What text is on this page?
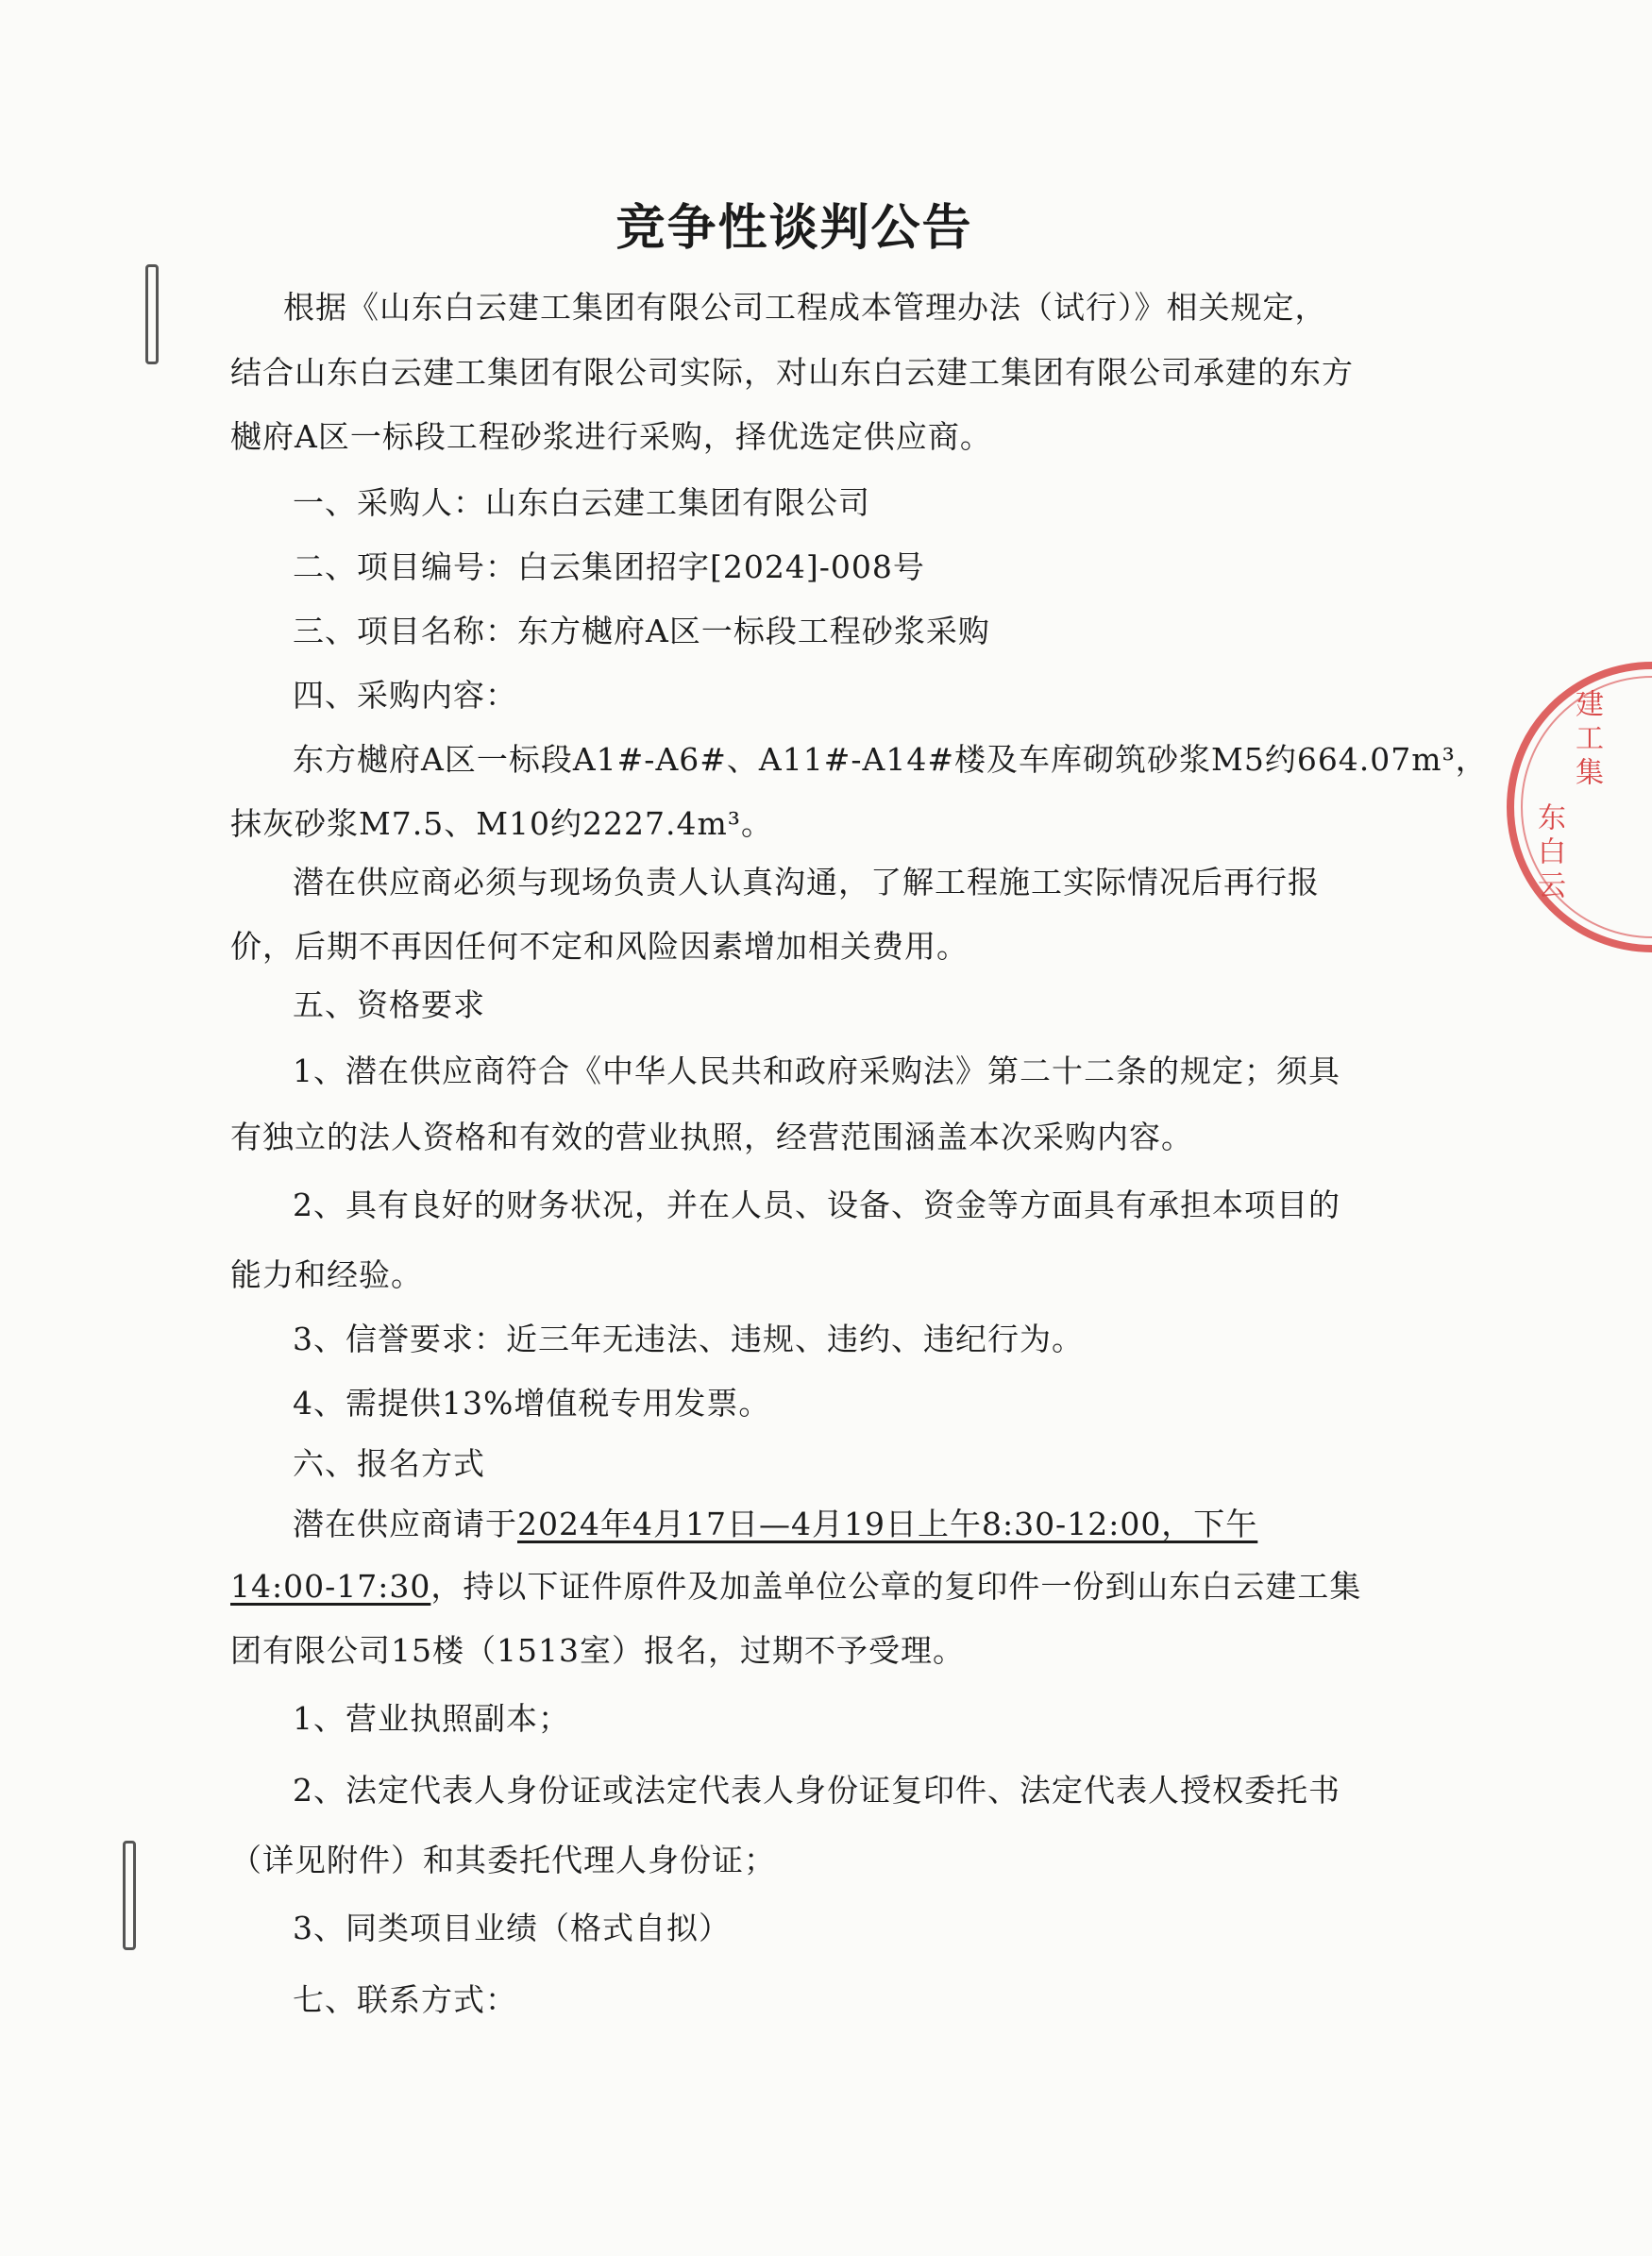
竞争性谈判公告
根据《山东白云建工集团有限公司工程成本管理办法（试行）》相关规定，
结合山东白云建工集团有限公司实际，对山东白云建工集团有限公司承建的东方
樾府A区一标段工程砂浆进行采购，择优选定供应商。
一、采购人：山东白云建工集团有限公司
二、项目编号：白云集团招字[2024]-008号
三、项目名称：东方樾府A区一标段工程砂浆采购
四、采购内容：
东方樾府A区一标段A1#-A6#、A11#-A14#楼及车库砌筑砂浆M5约664.07m³，
抹灰砂浆M7.5、M10约2227.4m³。
潜在供应商必须与现场负责人认真沟通，了解工程施工实际情况后再行报
价，后期不再因任何不定和风险因素增加相关费用。
五、资格要求
1、潜在供应商符合《中华人民共和政府采购法》第二十二条的规定；须具
有独立的法人资格和有效的营业执照，经营范围涵盖本次采购内容。
2、具有良好的财务状况，并在人员、设备、资金等方面具有承担本项目的
能力和经验。
3、信誉要求：近三年无违法、违规、违约、违纪行为。
4、需提供13%增值税专用发票。
六、报名方式
潜在供应商请于2024年4月17日—4月19日上午8:30-12:00，下午
14:00-17:30，持以下证件原件及加盖单位公章的复印件一份到山东白云建工集
团有限公司15楼（1513室）报名，过期不予受理。
1、营业执照副本；
2、法定代表人身份证或法定代表人身份证复印件、法定代表人授权委托书
（详见附件）和其委托代理人身份证；
3、同类项目业绩（格式自拟）
七、联系方式：
建工集
东白云
